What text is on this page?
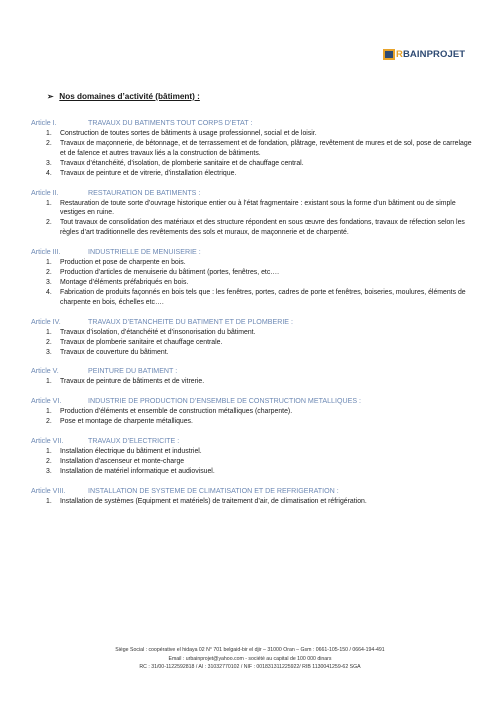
RBAINPROJET
➢ Nos domaines d’activité (bâtiment) :
Article I.	TRAVAUX DU BATIMENTS TOUT CORPS D’ETAT :
1.	Construction de toutes sortes de bâtiments à usage professionnel, social et de loisir.
2.	Travaux de maçonnerie, de bétonnage, et de terrassement et de fondation, plâtrage, revêtement de mures et de sol, pose de carrelage et de faïence et autres travaux liés a la construction de bâtiments.
3.	Travaux d’étanchéité, d’isolation, de plomberie sanitaire et de chauffage central.
4.	Travaux de peinture et de vitrerie, d’installation électrique.
Article II.	RESTAURATION DE BATIMENTS :
1.	Restauration de toute sorte d’ouvrage historique entier ou à l’état fragmentaire : existant sous la forme d’un bâtiment ou de simple vestiges en ruine.
2.	Tout travaux de consolidation des matériaux et des structure répondent en sous œuvre des fondations, travaux de réfection selon les règles d’art traditionnelle des revêtements des sols et muraux, de maçonnerie et de charpenté.
Article III.	INDUSTRIELLE DE MENUISERIE :
1.	Production et pose de charpente en bois.
2.	Production d’articles de menuiserie du bâtiment (portes, fenêtres, etc….
3.	Montage d’éléments préfabriqués en bois.
4.	Fabrication de produits façonnés en bois tels que : les fenêtres, portes, cadres de porte et fenêtres, boiseries, moulures, éléments de charpente en bois, échelles etc….
Article IV.	TRAVAUX D’ETANCHEITE DU BATIMENT ET DE PLOMBERIE :
1.	Travaux d’isolation, d’étanchéité et d’insonorisation du bâtiment.
2.	Travaux de plomberie sanitaire et chauffage centrale.
3.	Travaux de couverture du bâtiment.
Article V.	PEINTURE DU BATIMENT :
1.	Travaux de peinture de bâtiments et de vitrerie.
Article VI.	INDUSTRIE DE PRODUCTION D’ENSEMBLE DE CONSTRUCTION METALLIQUES :
1.	Production d’éléments et ensemble de construction métalliques (charpente).
2.	Pose et montage de charpente métalliques.
Article VII.	TRAVAUX D’ELECTRICITE :
1.	Installation électrique du bâtiment et industriel.
2.	Installation d’ascenseur et monte-charge
3.	Installation de matériel informatique et audiovisuel.
Article VIII.	INSTALLATION DE SYSTEME DE CLIMATISATION ET DE REFRIGERATION :
1.	Installation de systèmes (Equipment et matériels) de traitement d’air, de climatisation et réfrigération.
Siège Social : coopérative el hidaya 02 N° 701 belgaid-bir el djir – 31000 Oran – Gsm : 0661-105-150 / 0664-194-491
Email : urbainprojet@yahoo.com - société au capital de 100 000 dinars
RC : 31/00-1122592818 / AI : 31032770102 / NIF : 001831311225922/ RIB 1130041259-62 SGA
